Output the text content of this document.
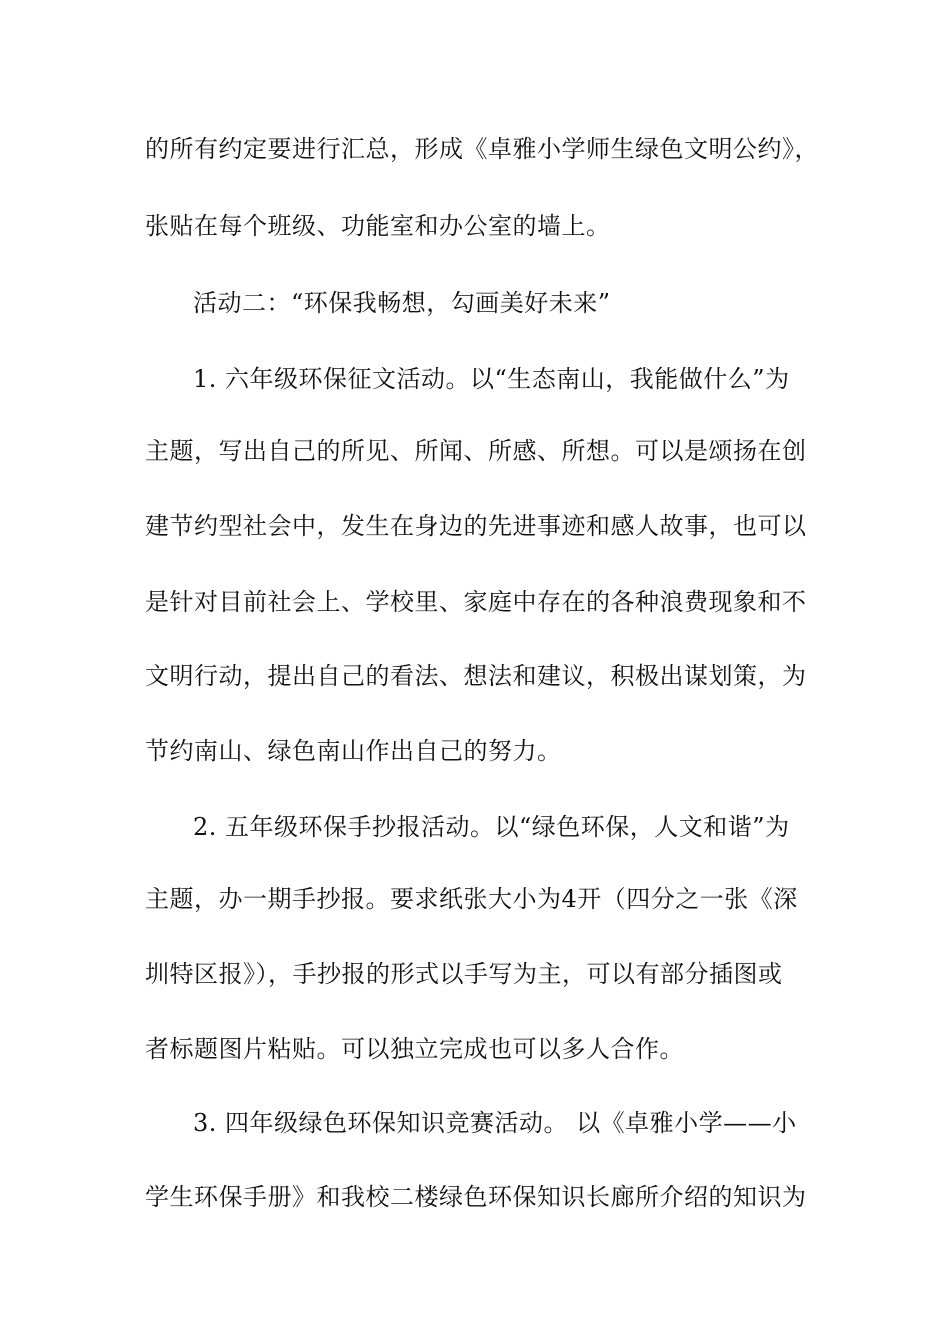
的所有约定要进行汇总，形成《卓雅小学师生绿色文明公约》，
张贴在每个班级、功能室和办公室的墙上。
活动二：“环保我畅想，勾画美好未来”
1. 六年级环保征文活动。以“生态南山，我能做什么”为
主题，写出自己的所见、所闻、所感、所想。可以是颂扬在创
建节约型社会中，发生在身边的先进事迹和感人故事，也可以
是针对目前社会上、学校里、家庭中存在的各种浪费现象和不
文明行动，提出自己的看法、想法和建议，积极出谋划策，为
节约南山、绿色南山作出自己的努力。
2. 五年级环保手抄报活动。以“绿色环保，人文和谐”为
主题，办一期手抄报。要求纸张大小为4开（四分之一张《深
圳特区报》），手抄报的形式以手写为主，可以有部分插图或
者标题图片粘贴。可以独立完成也可以多人合作。
3. 四年级绿色环保知识竞赛活动。 以《卓雅小学——小
学生环保手册》和我校二楼绿色环保知识长廊所介绍的知识为
